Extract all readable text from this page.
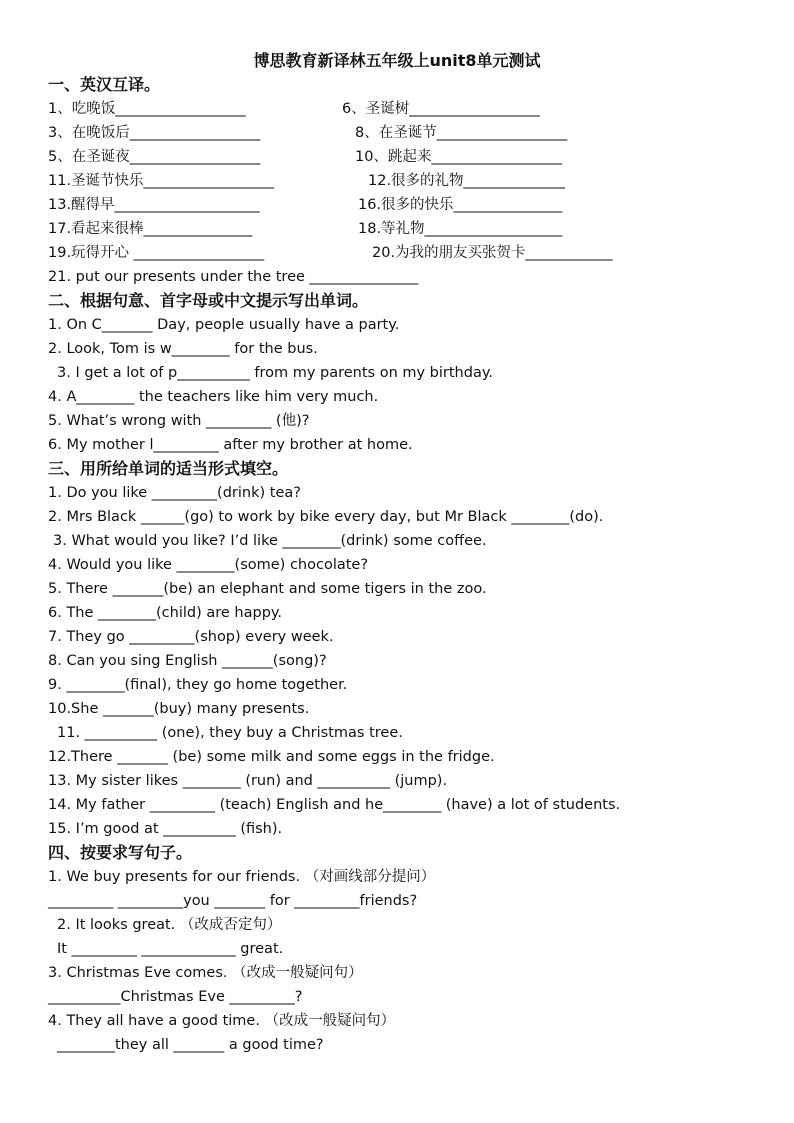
博思教育新译林五年级上unit8单元测试
一、英汉互译。
1、吃晚饭__________________	6、圣诞树__________________
3、在晚饭后__________________	8、在圣诞节__________________
5、在圣诞夜__________________	10、跳起来__________________
11.圣诞节快乐__________________	12.很多的礼物______________
13.醒得早____________________	16.很多的快乐_______________
17.看起来很棒_______________	18.等礼物___________________
19.玩得开心 __________________	20.为我的朋友买张贺卡____________
21. put our presents under the tree _______________
二、根据句意、首字母或中文提示写出单词。
1. On C_______ Day, people usually have a party.
2. Look, Tom is w________ for the bus.
3. I get a lot of p__________ from my parents on my birthday.
4. A________ the teachers like him very much.
5. What’s wrong with _________ (他)?
6. My mother l_________ after my brother at home.
三、用所给单词的适当形式填空。
1. Do you like _________(drink) tea?
2. Mrs Black ______(go) to work by bike every day, but Mr Black ________(do).
3. What would you like? I’d like ________(drink) some coffee.
4. Would you like ________(some) chocolate?
5. There _______(be) an elephant and some tigers in the zoo.
6. The ________(child) are happy.
7. They go _________(shop) every week.
8. Can you sing English _______(song)?
9. ________(final), they go home together.
10.She _______(buy) many presents.
11. __________ (one), they buy a Christmas tree.
12.There _______ (be) some milk and some eggs in the fridge.
13. My sister likes ________ (run) and __________ (jump).
14. My father _________ (teach) English and he________ (have) a lot of students.
15. I’m good at __________ (fish).
四、按要求写句子。
1. We buy presents for our friends. （对画线部分提问）
_________ _________you _______ for _________friends?
2. It looks great. （改成否定句）
It _________ _____________ great.
3. Christmas Eve comes. （改成一般疑问句）
__________Christmas Eve _________?
4. They all have a good time. （改成一般疑问句）
________they all _______ a good time?
